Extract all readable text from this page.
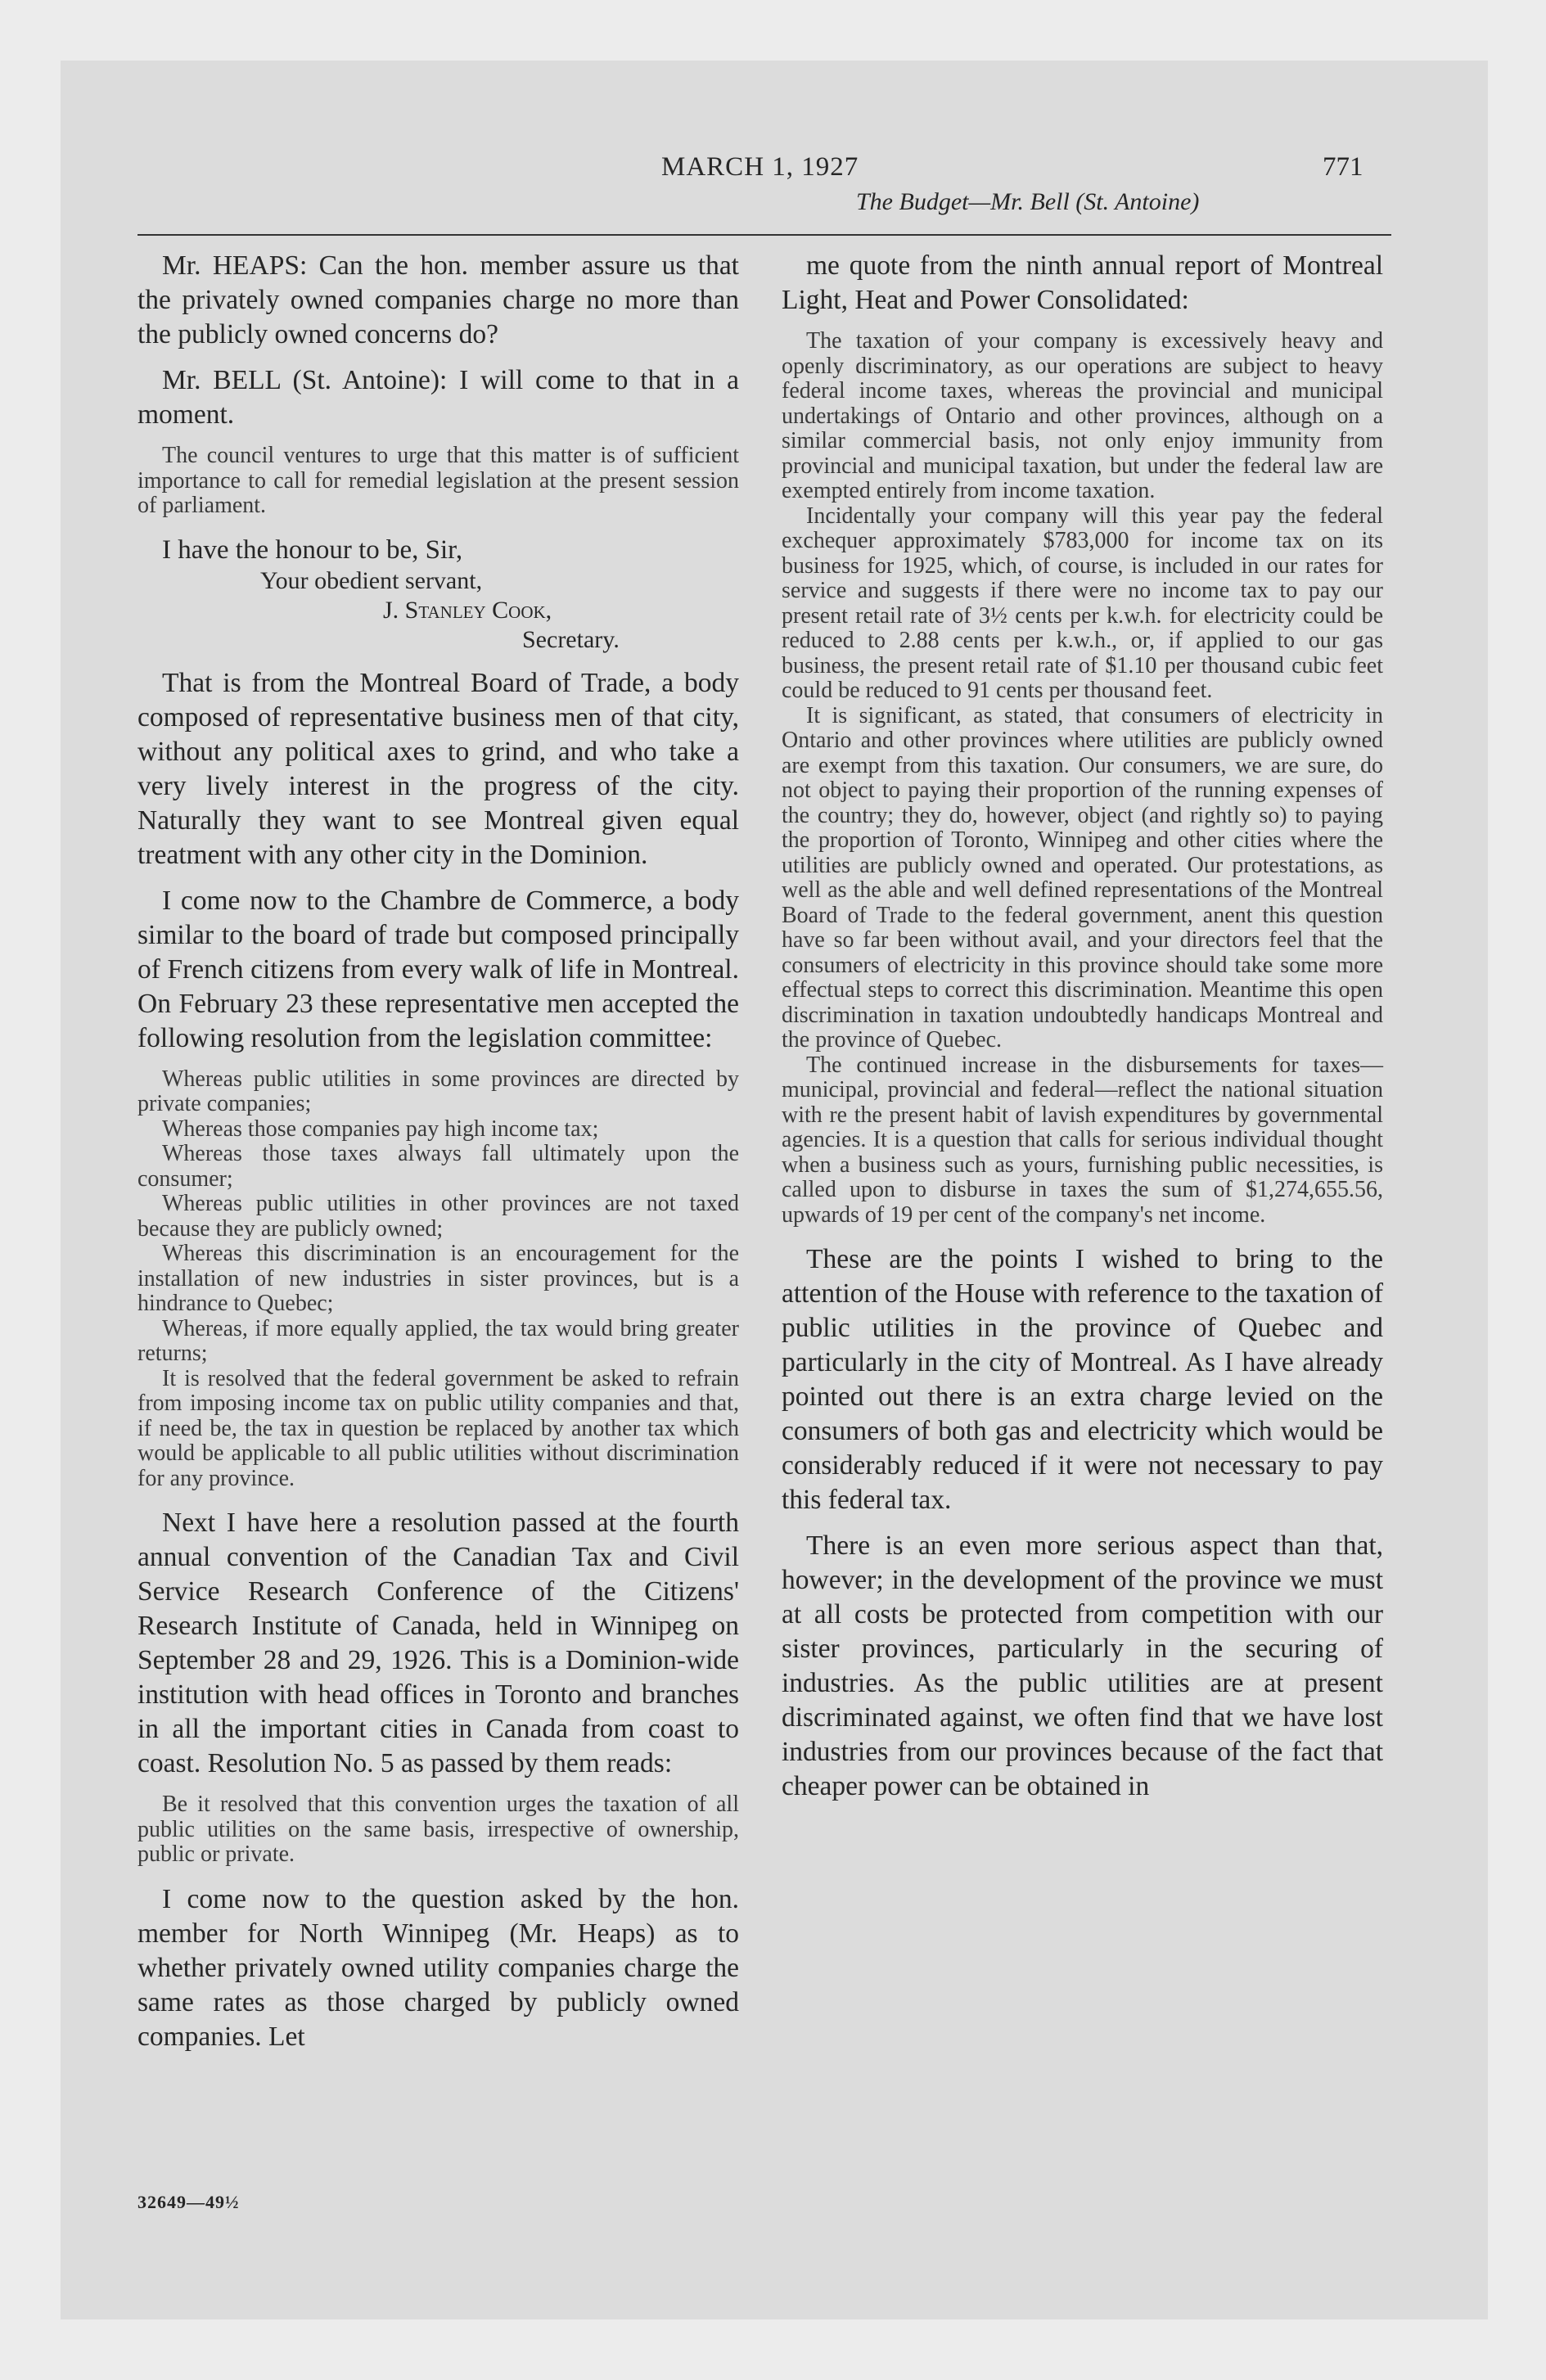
MARCH 1, 1927	771
The Budget—Mr. Bell (St. Antoine)

Mr. HEAPS: Can the hon. member assure us that the privately owned companies charge no more than the publicly owned concerns do?

Mr. BELL (St. Antoine): I will come to that in a moment.

The council ventures to urge that this matter is of sufficient importance to call for remedial legislation at the present session of parliament.

I have the honour to be, Sir,

Your obedient servant,

J. Stanley Cook,

Secretary.

That is from the Montreal Board of Trade, a body composed of representative business men of that city, without any political axes to grind, and who take a very lively interest in the progress of the city. Naturally they want to see Montreal given equal treatment with any other city in the Dominion.

I come now to the Chambre de Commerce, a body similar to the board of trade but composed principally of French citizens from every walk of life in Montreal. On February 23 these representative men accepted the following resolution from the legislation committee:

Whereas public utilities in some provinces are directed by private companies;

Whereas those companies pay high income tax;

Whereas those taxes always fall ultimately upon the consumer;

Whereas public utilities in other provinces are not taxed because they are publicly owned;

Whereas this discrimination is an encouragement for the installation of new industries in sister provinces, but is a hindrance to Quebec;

Whereas, if more equally applied, the tax would bring greater returns;

It is resolved that the federal government be asked to refrain from imposing income tax on public utility companies and that, if need be, the tax in question be replaced by another tax which would be applicable to all public utilities without discrimination for any province.

Next I have here a resolution passed at the fourth annual convention of the Canadian Tax and Civil Service Research Conference of the Citizens' Research Institute of Canada, held in Winnipeg on September 28 and 29, 1926. This is a Dominion-wide institution with head offices in Toronto and branches in all the important cities in Canada from coast to coast. Resolution No. 5 as passed by them reads:

Be it resolved that this convention urges the taxation of all public utilities on the same basis, irrespective of ownership, public or private.

I come now to the question asked by the hon. member for North Winnipeg (Mr. Heaps) as to whether privately owned utility companies charge the same rates as those charged by publicly owned companies. Let

32649—49½

me quote from the ninth annual report of Montreal Light, Heat and Power Consolidated:

The taxation of your company is excessively heavy and openly discriminatory, as our operations are subject to heavy federal income taxes, whereas the provincial and municipal undertakings of Ontario and other provinces, although on a similar commercial basis, not only enjoy immunity from provincial and municipal taxation, but under the federal law are exempted entirely from income taxation.

Incidentally your company will this year pay the federal exchequer approximately $783,000 for income tax on its business for 1925, which, of course, is included in our rates for service and suggests if there were no income tax to pay our present retail rate of 3½ cents per k.w.h. for electricity could be reduced to 2.88 cents per k.w.h., or, if applied to our gas business, the present retail rate of $1.10 per thousand cubic feet could be reduced to 91 cents per thousand feet.

It is significant, as stated, that consumers of electricity in Ontario and other provinces where utilities are publicly owned are exempt from this taxation. Our consumers, we are sure, do not object to paying their proportion of the running expenses of the country; they do, however, object (and rightly so) to paying the proportion of Toronto, Winnipeg and other cities where the utilities are publicly owned and operated. Our protestations, as well as the able and well defined representations of the Montreal Board of Trade to the federal government, anent this question have so far been without avail, and your directors feel that the consumers of electricity in this province should take some more effectual steps to correct this discrimination. Meantime this open discrimination in taxation undoubtedly handicaps Montreal and the province of Quebec.

The continued increase in the disbursements for taxes—municipal, provincial and federal—reflect the national situation with re the present habit of lavish expenditures by governmental agencies. It is a question that calls for serious individual thought when a business such as yours, furnishing public necessities, is called upon to disburse in taxes the sum of $1,274,655.56, upwards of 19 per cent of the company's net income.

These are the points I wished to bring to the attention of the House with reference to the taxation of public utilities in the province of Quebec and particularly in the city of Montreal. As I have already pointed out there is an extra charge levied on the consumers of both gas and electricity which would be considerably reduced if it were not necessary to pay this federal tax.

There is an even more serious aspect than that, however; in the development of the province we must at all costs be protected from competition with our sister provinces, particularly in the securing of industries. As the public utilities are at present discriminated against, we often find that we have lost industries from our provinces because of the fact that cheaper power can be obtained in
